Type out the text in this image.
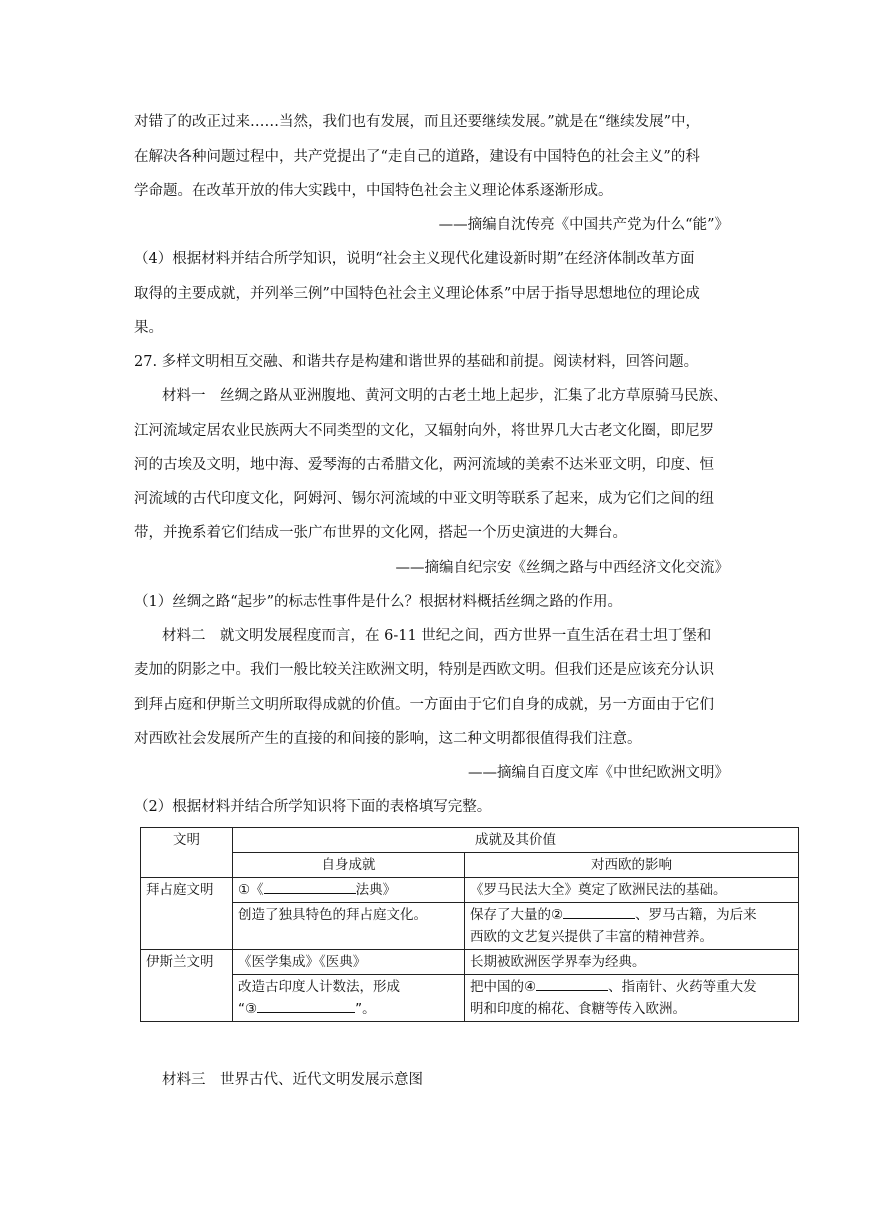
对错了的改正过来……当然，我们也有发展，而且还要继续发展。”就是在“继续发展”中，
在解决各种问题过程中，共产党提出了“走自己的道路，建设有中国特色的社会主义”的科
学命题。在改革开放的伟大实践中，中国特色社会主义理论体系逐渐形成。
——摘编自沈传亮《中国共产党为什么“能”》
（4）根据材料并结合所学知识，说明“社会主义现代化建设新时期”在经济体制改革方面
取得的主要成就，并列举三例”中国特色社会主义理论体系”中居于指导思想地位的理论成
果。
27. 多样文明相互交融、和谐共存是构建和谐世界的基础和前提。阅读材料，回答问题。
材料一　丝绸之路从亚洲腹地、黄河文明的古老土地上起步，汇集了北方草原骑马民族、
江河流域定居农业民族两大不同类型的文化，又辐射向外，将世界几大古老文化圈，即尼罗
河的古埃及文明，地中海、爱琴海的古希腊文化，两河流域的美索不达米亚文明，印度、恒
河流域的古代印度文化，阿姆河、锡尔河流域的中亚文明等联系了起来，成为它们之间的纽
带，并挽系着它们结成一张广布世界的文化网，搭起一个历史演进的大舞台。
——摘编自纪宗安《丝绸之路与中西经济文化交流》
（1）丝绸之路“起步”的标志性事件是什么？根据材料概括丝绸之路的作用。
材料二　就文明发展程度而言，在 6-11 世纪之间，西方世界一直生活在君士坦丁堡和
麦加的阴影之中。我们一般比较关注欧洲文明，特别是西欧文明。但我们还是应该充分认识
到拜占庭和伊斯兰文明所取得成就的价值。一方面由于它们自身的成就，另一方面由于它们
对西欧社会发展所产生的直接的和间接的影响，这二种文明都很值得我们注意。
——摘编自百度文库《中世纪欧洲文明》
（2）根据材料并结合所学知识将下面的表格填写完整。
文明	成就及其价值	
	自身成就	对西欧的影响
拜占庭文明	①《 法典》	《罗马民法大全》奠定了欧洲民法的基础。
	创造了独具特色的拜占庭文化。	保存了大量的② 、罗马古籍，为后来
西欧的文艺复兴提供了丰富的精神营养。
伊斯兰文明	《医学集成》《医典》	长期被欧洲医学界奉为经典。
	改造古印度人计数法，形成
“③ ”。	把中国的④ 、指南针、火药等重大发
明和印度的棉花、食糖等传入欧洲。
材料三　世界古代、近代文明发展示意图
